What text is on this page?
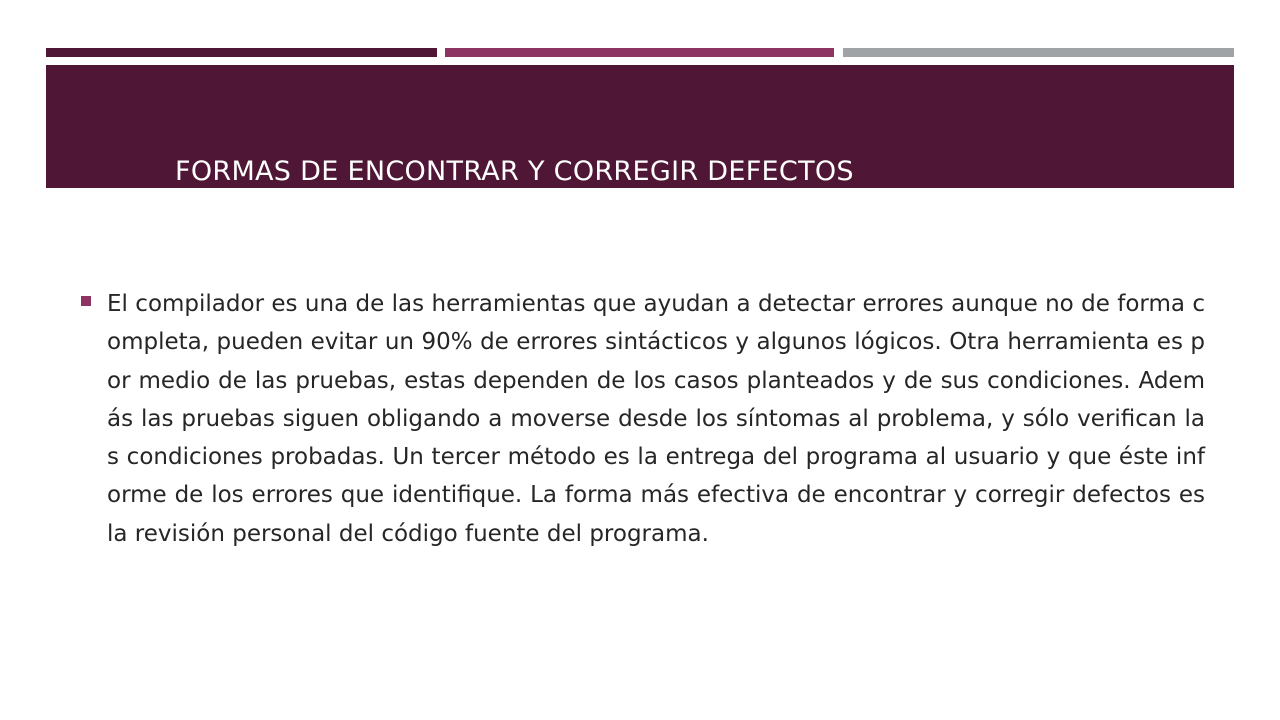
FORMAS DE ENCONTRAR Y CORREGIR DEFECTOS

El compilador es una de las herramientas que ayudan a detectar errores aunque no de forma completa, pueden evitar un 90% de errores sintácticos y algunos lógicos. Otra herramienta es por medio de las pruebas, estas dependen de los casos planteados y de sus condiciones. Además las pruebas siguen obligando a moverse desde los síntomas al problema, y sólo verifican las condiciones probadas. Un tercer método es la entrega del programa al usuario y que éste informe de los errores que identifique. La forma más efectiva de encontrar y corregir defectos es la revisión personal del código fuente del programa.
